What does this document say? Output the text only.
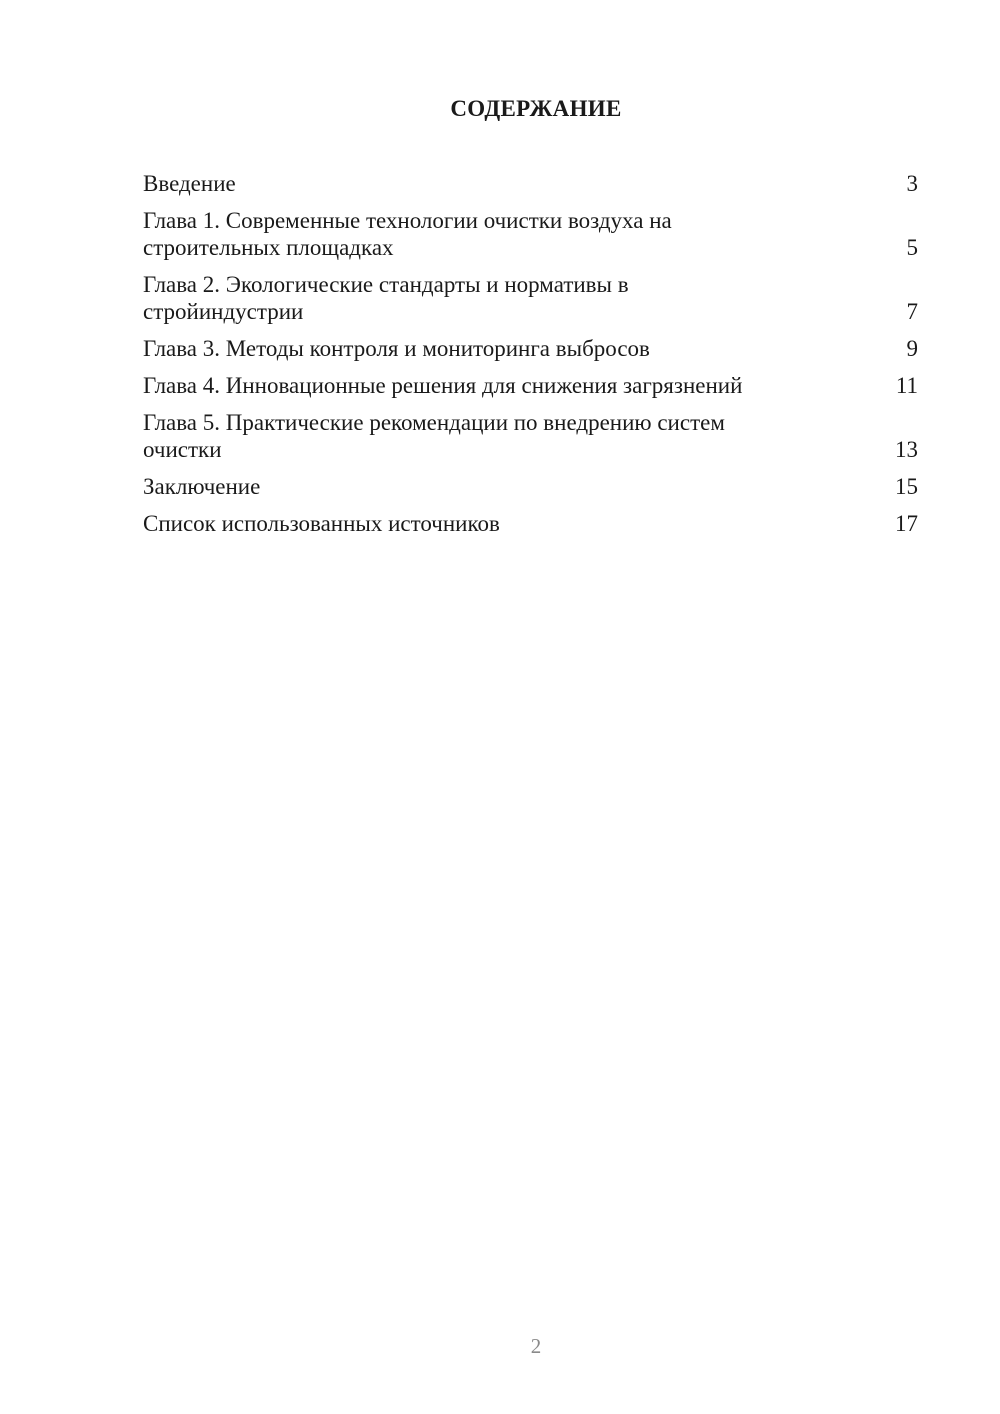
СОДЕРЖАНИЕ
Введение	3
Глава 1. Современные технологии очистки воздуха на
строительных площадках	5
Глава 2. Экологические стандарты и нормативы в
стройиндустрии	7
Глава 3. Методы контроля и мониторинга выбросов	9
Глава 4. Инновационные решения для снижения загрязнений	11
Глава 5. Практические рекомендации по внедрению систем
очистки	13
Заключение	15
Список использованных источников	17
2
